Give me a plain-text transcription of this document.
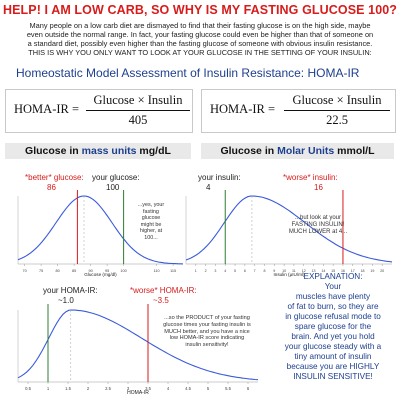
HELP! I AM LOW CARB, SO WHY IS MY FASTING GLUCOSE 100?
Many people on a low carb diet are dismayed to find that their fasting glucose is on the high side, maybe
even outside the normal range. In fact, your fasting glucose could even be higher than that of someone on
a standard diet, possibly even higher than the fasting glucose of someone with obvious insulin resistance.
THIS IS WHY YOU ONLY WANT TO LOOK AT YOUR GLUCOSE IN THE SETTING OF YOUR INSULIN:
Homeostatic Model Assessment of Insulin Resistance: HOMA-IR
HOMA-IR =
Glucose × Insulin
405
HOMA-IR =
Glucose × Insulin
22.5
Glucose in mass units mg/dL	Glucose in Molar Units mmol/L
70	75	80	85	90	95	100	110	115
Glucose (mg/dl)
*better* glucose:
86
your glucose:
100
...yes, your
fasting
glucose
might be
higher, at
100...
1 2 3 4 5 6 7 8 9 10 11 12 13 14 15 16 17 18 19 20
Insulin (μIU/ml)
your insulin:
4
*worse* insulin:
16
...but look at your
FASTING INSULIN!
MUCH LOWER at 4...
0.5	1	1.5	2	2.5	3	3.5	4	4.5	5	5.5	6
HOMA-IR
your HOMA-IR:
~1.0
*worse* HOMA-IR:
~3.5
...so the PRODUCT of your fasting
glucose times your fasting insulin is
MUCH better, and you have a nice
low HOMA-IR score indicating
insulin sensitivity!
EXPLANATION:
Your
muscles have plenty
of fat to burn, so they are
in glucose refusal mode to
spare glucose for the
brain. And yet you hold
your glucose steady with a
tiny amount of insulin
because you are HIGHLY
INSULIN SENSITIVE!
